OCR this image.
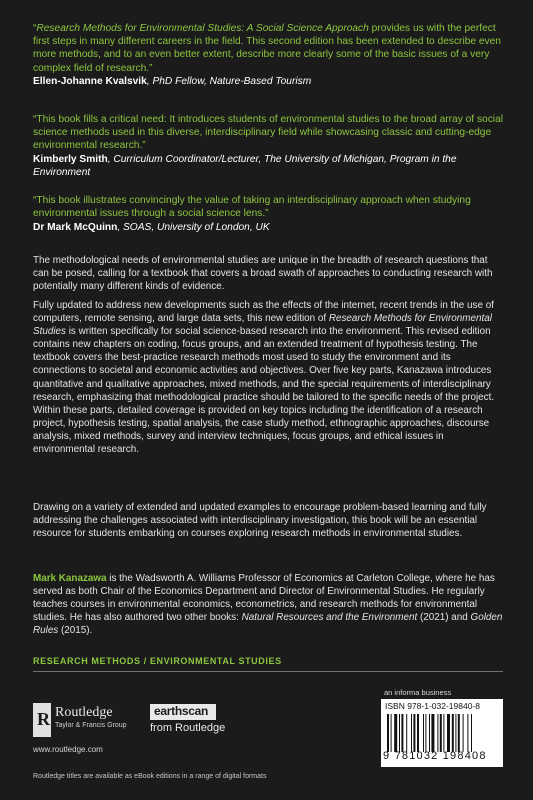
“Research Methods for Environmental Studies: A Social Science Approach provides us with the perfect first steps in many different careers in the field. This second edition has been extended to describe even more methods, and to an even better extent, describe more clearly some of the basic issues of a very complex field of research.”
Ellen-Johanne Kvalsvik, PhD Fellow, Nature-Based Tourism
“This book fills a critical need: It introduces students of environmental studies to the broad array of social science methods used in this diverse, interdisciplinary field while showcasing classic and cutting-edge environmental research.”
Kimberly Smith, Curriculum Coordinator/Lecturer, The University of Michigan, Program in the Environment
“This book illustrates convincingly the value of taking an interdisciplinary approach when studying environmental issues through a social science lens.”
Dr Mark McQuinn, SOAS, University of London, UK
The methodological needs of environmental studies are unique in the breadth of research questions that can be posed, calling for a textbook that covers a broad swath of approaches to conducting research with potentially many different kinds of evidence.
Fully updated to address new developments such as the effects of the internet, recent trends in the use of computers, remote sensing, and large data sets, this new edition of Research Methods for Environmental Studies is written specifically for social science-based research into the environment. This revised edition contains new chapters on coding, focus groups, and an extended treatment of hypothesis testing. The textbook covers the best-practice research methods most used to study the environment and its connections to societal and economic activities and objectives. Over five key parts, Kanazawa introduces quantitative and qualitative approaches, mixed methods, and the special requirements of interdisciplinary research, emphasizing that methodological practice should be tailored to the specific needs of the project. Within these parts, detailed coverage is provided on key topics including the identification of a research project, hypothesis testing, spatial analysis, the case study method, ethnographic approaches, discourse analysis, mixed methods, survey and interview techniques, focus groups, and ethical issues in environmental research.
Drawing on a variety of extended and updated examples to encourage problem-based learning and fully addressing the challenges associated with interdisciplinary investigation, this book will be an essential resource for students embarking on courses exploring research methods in environmental studies.
Mark Kanazawa is the Wadsworth A. Williams Professor of Economics at Carleton College, where he has served as both Chair of the Economics Department and Director of Environmental Studies. He regularly teaches courses in environmental economics, econometrics, and research methods for environmental studies. He has also authored two other books: Natural Resources and the Environment (2021) and Golden Rules (2015).
RESEARCH METHODS / ENVIRONMENTAL STUDIES
R Routledge
Taylor & Francis Group
www.routledge.com
earthscan
from Routledge
an informa business
ISBN 978-1-032-19840-8
9 781032 198408
Routledge titles are available as eBook editions in a range of digital formats
